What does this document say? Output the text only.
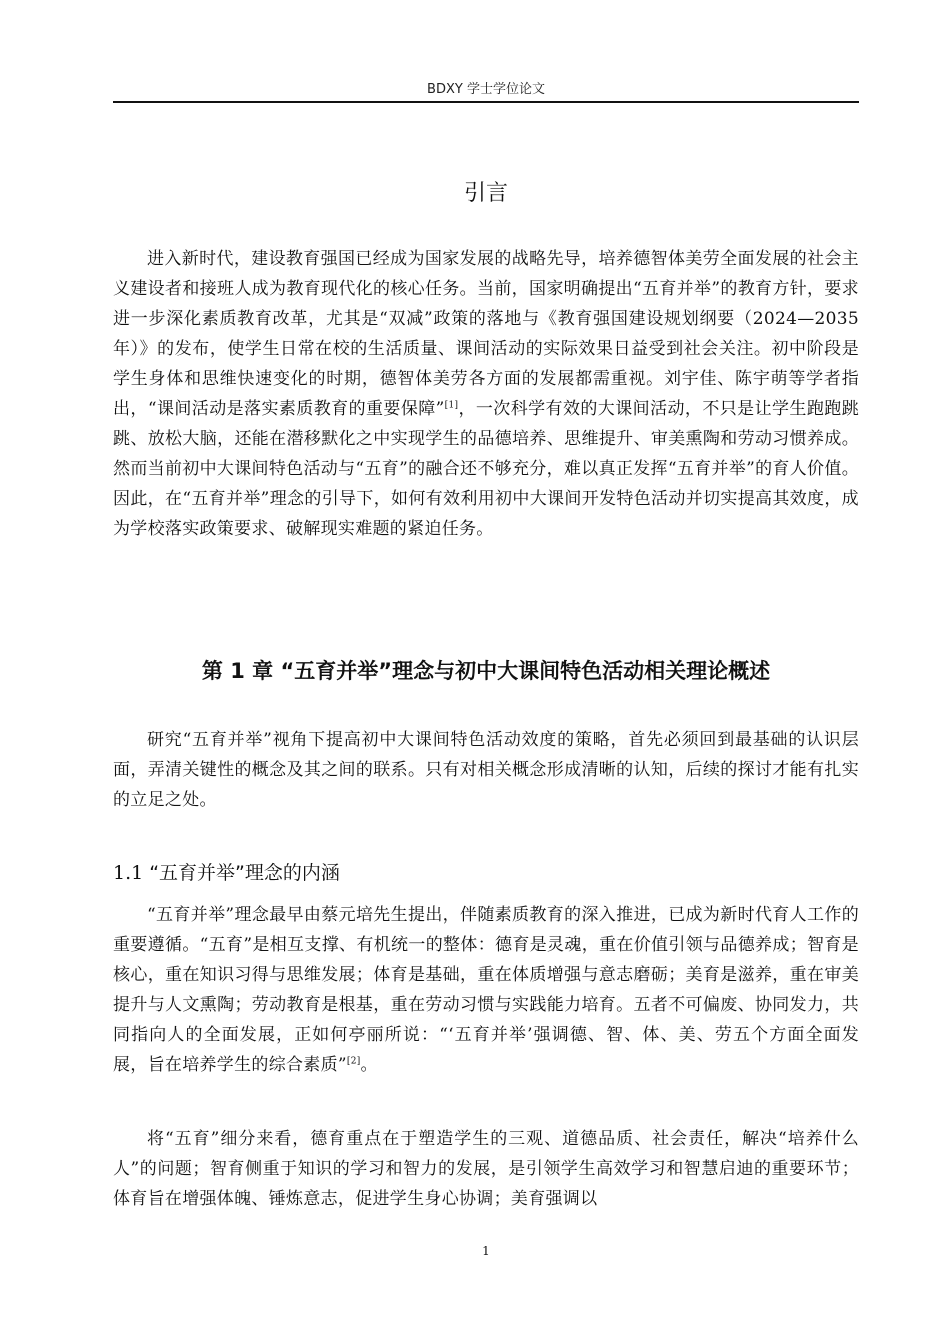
BDXY 学士学位论文
引言

进入新时代，建设教育强国已经成为国家发展的战略先导，培养德智体美劳全面发展的社会主义建设者和接班人成为教育现代化的核心任务。当前，国家明确提出“五育并举”的教育方针，要求进一步深化素质教育改革，尤其是“双减”政策的落地与《教育强国建设规划纲要（2024—2035年）》的发布，使学生日常在校的生活质量、课间活动的实际效果日益受到社会关注。初中阶段是学生身体和思维快速变化的时期，德智体美劳各方面的发展都需重视。刘宇佳、陈宇萌等学者指出，“课间活动是落实素质教育的重要保障”[1]，一次科学有效的大课间活动，不只是让学生跑跑跳跳、放松大脑，还能在潜移默化之中实现学生的品德培养、思维提升、审美熏陶和劳动习惯养成。然而当前初中大课间特色活动与“五育”的融合还不够充分，难以真正发挥“五育并举”的育人价值。因此，在“五育并举”理念的引导下，如何有效利用初中大课间开发特色活动并切实提高其效度，成为学校落实政策要求、破解现实难题的紧迫任务。

第 1 章 “五育并举”理念与初中大课间特色活动相关理论概述

研究“五育并举”视角下提高初中大课间特色活动效度的策略，首先必须回到最基础的认识层面，弄清关键性的概念及其之间的联系。只有对相关概念形成清晰的认知，后续的探讨才能有扎实的立足之处。

1.1 “五育并举”理念的内涵

“五育并举”理念最早由蔡元培先生提出，伴随素质教育的深入推进，已成为新时代育人工作的重要遵循。“五育”是相互支撑、有机统一的整体：德育是灵魂，重在价值引领与品德养成；智育是核心，重在知识习得与思维发展；体育是基础，重在体质增强与意志磨砺；美育是滋养，重在审美提升与人文熏陶；劳动教育是根基，重在劳动习惯与实践能力培育。五者不可偏废、协同发力，共同指向人的全面发展，正如何亭丽所说：“‘五育并举’强调德、智、体、美、劳五个方面全面发展，旨在培养学生的综合素质”[2]。

将“五育”细分来看，德育重点在于塑造学生的三观、道德品质、社会责任，解决“培养什么人”的问题；智育侧重于知识的学习和智力的发展，是引领学生高效学习和智慧启迪的重要环节；体育旨在增强体魄、锤炼意志，促进学生身心协调；美育强调以

1
